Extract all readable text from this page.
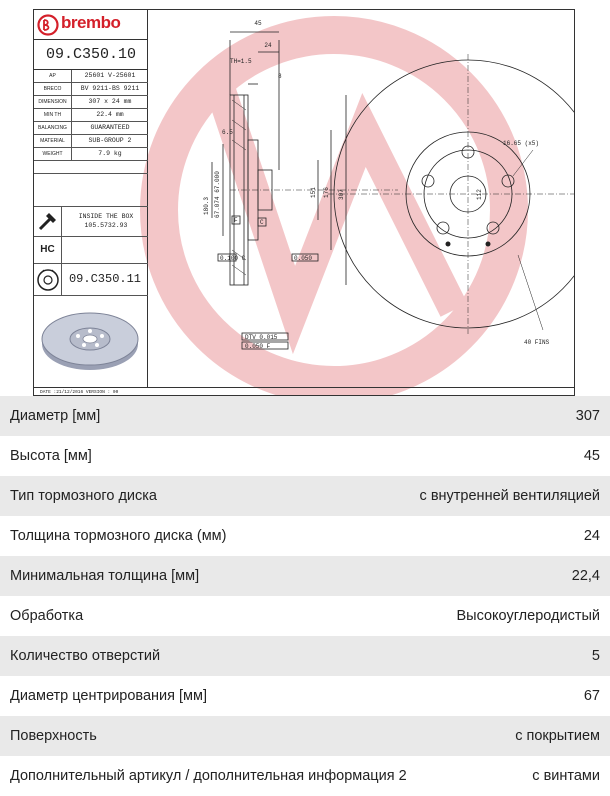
brembo
09.C350.10
AP	25601 V-25601
BRECO	BV 9211-BS 9211
DIMENSION	307 x 24 mm
MIN TH	22.4 mm
BALANCING	GUARANTEED
MATERIAL	SUB-GROUP 2
WEIGHT	7.9 kg
INSIDE THE BOX
105.5732.93
HC
09.C350.11
45
24
TH=1.5
8
6.5
180.3 67.074 67.000	151 176 307
F	C
0.100 C	0.050
DTV 0.015
0.050 F
16.65 (x5)
112
40 FINS
DATE :21/12/2016 VERSION : 00
Диаметр [мм]	307
Высота [мм]	45
Тип тормозного диска	с внутренней вентиляцией
Толщина тормозного диска (мм)	24
Минимальная толщина [мм]	22,4
Обработка	Высокоуглеродистый
Количество отверстий	5
Диаметр центрирования [мм]	67
Поверхность	с покрытием
Дополнительный артикул / дополнительная информация 2	с винтами
